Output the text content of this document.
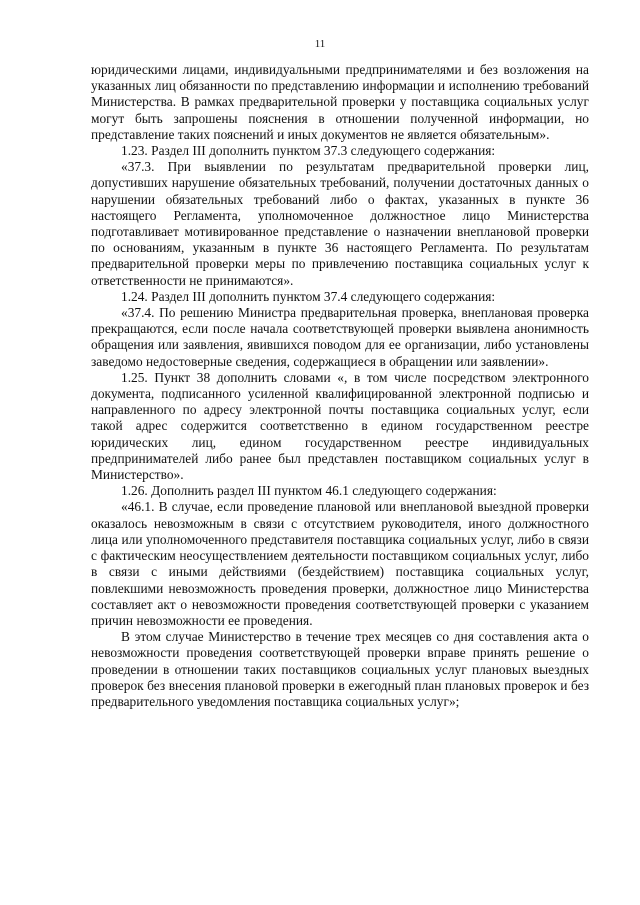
11

юридическими лицами, индивидуальными предпринимателями и без возложения на указанных лиц обязанности по представлению информации и исполнению требований Министерства. В рамках предварительной проверки у поставщика социальных услуг могут быть запрошены пояснения в отношении полученной информации, но представление таких пояснений и иных документов не является обязательным».

1.23. Раздел III дополнить пунктом 37.3 следующего содержания:

«37.3. При выявлении по результатам предварительной проверки лиц, допустивших нарушение обязательных требований, получении достаточных данных о нарушении обязательных требований либо о фактах, указанных в пункте 36 настоящего Регламента, уполномоченное должностное лицо Министерства подготавливает мотивированное представление о назначении внеплановой проверки по основаниям, указанным в пункте 36 настоящего Регламента. По результатам предварительной проверки меры по привлечению поставщика социальных услуг к ответственности не принимаются».

1.24. Раздел III дополнить пунктом 37.4 следующего содержания:

«37.4. По решению Министра предварительная проверка, внеплановая проверка прекращаются, если после начала соответствующей проверки выявлена анонимность обращения или заявления, явившихся поводом для ее организации, либо установлены заведомо недостоверные сведения, содержащиеся в обращении или заявлении».

1.25. Пункт 38 дополнить словами «, в том числе посредством электронного документа, подписанного усиленной квалифицированной электронной подписью и направленного по адресу электронной почты поставщика социальных услуг, если такой адрес содержится соответственно в едином государственном реестре юридических лиц, едином государственном реестре индивидуальных предпринимателей либо ранее был представлен поставщиком социальных услуг в Министерство».

1.26. Дополнить раздел III пунктом 46.1 следующего содержания:

«46.1. В случае, если проведение плановой или внеплановой выездной проверки оказалось невозможным в связи с отсутствием руководителя, иного должностного лица или уполномоченного представителя поставщика социальных услуг, либо в связи с фактическим неосуществлением деятельности поставщиком социальных услуг, либо в связи с иными действиями (бездействием) поставщика социальных услуг, повлекшими невозможность проведения проверки, должностное лицо Министерства составляет акт о невозможности проведения соответствующей проверки с указанием причин невозможности ее проведения.

В этом случае Министерство в течение трех месяцев со дня составления акта о невозможности проведения соответствующей проверки вправе принять решение о проведении в отношении таких поставщиков социальных услуг плановых выездных проверок без внесения плановой проверки в ежегодный план плановых проверок и без предварительного уведомления поставщика социальных услуг»;
